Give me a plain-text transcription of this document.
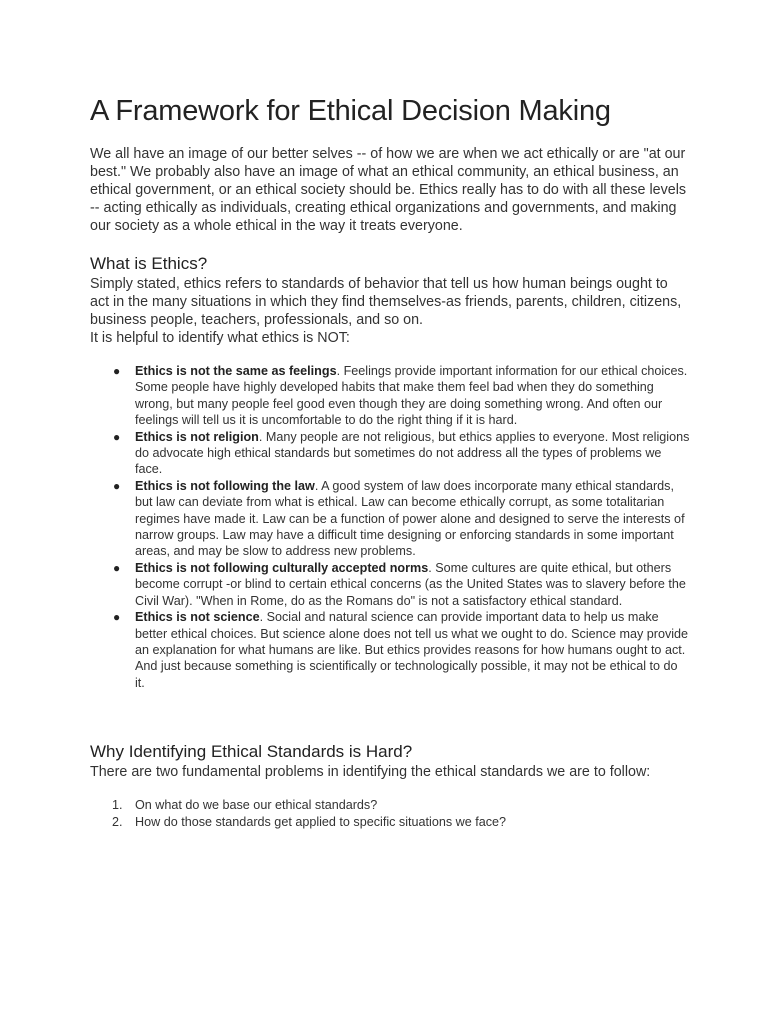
A Framework for Ethical Decision Making

We all have an image of our better selves -- of how we are when we act ethically or are "at our best." We probably also have an image of what an ethical community, an ethical business, an ethical government, or an ethical society should be. Ethics really has to do with all these levels -- acting ethically as individuals, creating ethical organizations and governments, and making our society as a whole ethical in the way it treats everyone.

What is Ethics?

Simply stated, ethics refers to standards of behavior that tell us how human beings ought to act in the many situations in which they find themselves-as friends, parents, children, citizens, business people, teachers, professionals, and so on.

It is helpful to identify what ethics is NOT:

● Ethics is not the same as feelings. Feelings provide important information for our ethical choices. Some people have highly developed habits that make them feel bad when they do something wrong, but many people feel good even though they are doing something wrong. And often our feelings will tell us it is uncomfortable to do the right thing if it is hard.
● Ethics is not religion. Many people are not religious, but ethics applies to everyone. Most religions do advocate high ethical standards but sometimes do not address all the types of problems we face.
● Ethics is not following the law. A good system of law does incorporate many ethical standards, but law can deviate from what is ethical. Law can become ethically corrupt, as some totalitarian regimes have made it. Law can be a function of power alone and designed to serve the interests of narrow groups. Law may have a difficult time designing or enforcing standards in some important areas, and may be slow to address new problems.
● Ethics is not following culturally accepted norms. Some cultures are quite ethical, but others become corrupt -or blind to certain ethical concerns (as the United States was to slavery before the Civil War). "When in Rome, do as the Romans do" is not a satisfactory ethical standard.
● Ethics is not science. Social and natural science can provide important data to help us make better ethical choices. But science alone does not tell us what we ought to do. Science may provide an explanation for what humans are like. But ethics provides reasons for how humans ought to act. And just because something is scientifically or technologically possible, it may not be ethical to do it.
Why Identifying Ethical Standards is Hard?

There are two fundamental problems in identifying the ethical standards we are to follow:

1. On what do we base our ethical standards?
2. How do those standards get applied to specific situations we face?
